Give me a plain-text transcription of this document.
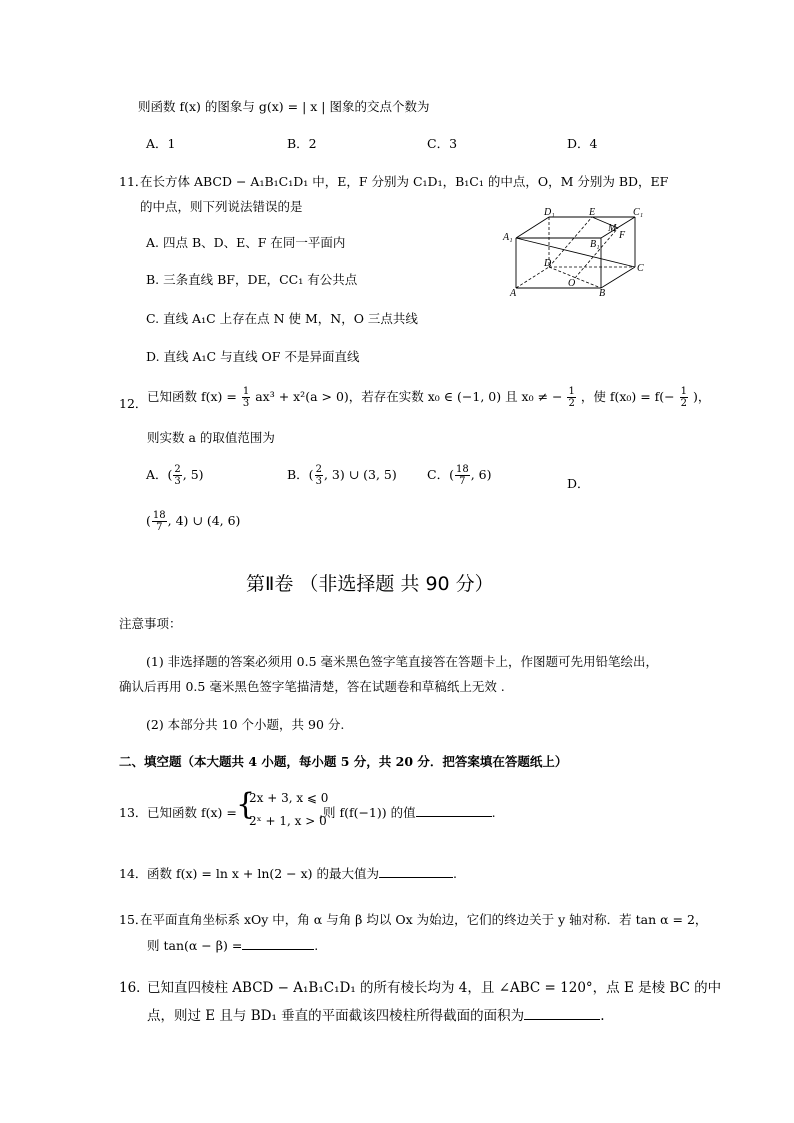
则函数 f(x) 的图象与 g(x) = | x | 图象的交点个数为
A．1	B．2	C．3	D．4
11．
在长方体 ABCD − A₁B₁C₁D₁ 中，E，F 分别为 C₁D₁，B₁C₁ 的中点，O，M 分别为 BD，EF
的中点，则下列说法错误的是
A. 四点 B、D、E、F 在同一平面内
B. 三条直线 BF，DE，CC₁ 有公共点
C. 直线 A₁C 上存在点 N 使 M，N，O 三点共线
D. 直线 A₁C 与直线 OF 不是异面直线
D₁	E	C₁
A₁
M
F
B₁
D	C
A
O
B
12． 已知函数 $f(x) = \frac{1}{3} ax^3 + x^2(a > 0)$，若存在实数 x₀ ∈ (−1, 0) 且 x₀ ≠ − $\frac{1}{2}$ ，使 $f(x_0) = f(- \frac{1}{2}$ )，
则实数 a 的取值范围为
A．( $\frac{2}{3}$ , 5)	B．( $\frac{2}{3}$ , 3) ∪ (3, 5) C．( $\frac{18}{7}$ , 6)
D．
( $\frac{18}{7}$ , 4) ∪ (4, 6)
第Ⅱ卷 （非选择题 共 90 分）
注意事项：
(1) 非选择题的答案必须用 0.5 毫米黑色签字笔直接答在答题卡上，作图题可先用铅笔绘出，
确认后再用 0.5 毫米黑色签字笔描清楚，答在试题卷和草稿纸上无效 .
(2) 本部分共 10 个小题，共 90 分.
二、填空题（本大题共 4 小题，每小题 5 分，共 20 分．把答案填在答题纸上）
13． 已知函数 f(x) = {
2x + 3, x ⩽ 0
2ˣ + 1, x > 0
,则 f(f(−1)) 的值	.
14． 函数 f(x) = ln x + ln(2 − x) 的最大值为	.
15．
在平面直角坐标系 xOy 中，角 α 与角 β 均以 Ox 为始边，它们的终边关于 y 轴对称．若 tan α = 2，
则 tan(α − β) =	.
16．
已知直四棱柱 ABCD − A₁B₁C₁D₁ 的所有棱长均为 4，且 ∠ABC = 120°，点 E 是棱 BC 的中
点，则过 E 且与 BD₁ 垂直的平面截该四棱柱所得截面的面积为	.
